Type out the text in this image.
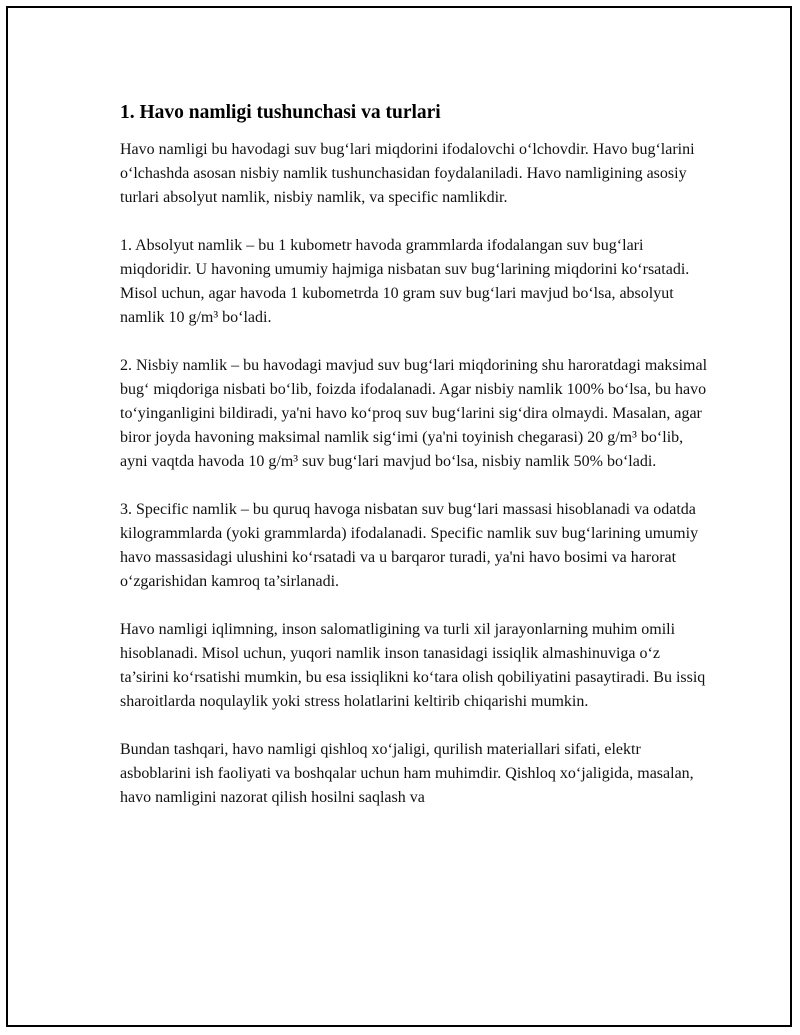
1. Havo namligi tushunchasi va turlari

Havo namligi bu havodagi suv bug‘lari miqdorini ifodalovchi o‘lchovdir. Havo bug‘larini o‘lchashda asosan nisbiy namlik tushunchasidan foydalaniladi. Havo namligining asosiy turlari absolyut namlik, nisbiy namlik, va specific namlikdir.

1. Absolyut namlik – bu 1 kubometr havoda grammlarda ifodalangan suv bug‘lari miqdoridir. U havoning umumiy hajmiga nisbatan suv bug‘larining miqdorini ko‘rsatadi. Misol uchun, agar havoda 1 kubometrda 10 gram suv bug‘lari mavjud bo‘lsa, absolyut namlik 10 g/m³ bo‘ladi.

2. Nisbiy namlik – bu havodagi mavjud suv bug‘lari miqdorining shu haroratdagi maksimal bug‘ miqdoriga nisbati bo‘lib, foizda ifodalanadi. Agar nisbiy namlik 100% bo‘lsa, bu havo to‘yinganligini bildiradi, ya'ni havo ko‘proq suv bug‘larini sig‘dira olmaydi. Masalan, agar biror joyda havoning maksimal namlik sig‘imi (ya'ni toyinish chegarasi) 20 g/m³ bo‘lib, ayni vaqtda havoda 10 g/m³ suv bug‘lari mavjud bo‘lsa, nisbiy namlik 50% bo‘ladi.

3. Specific namlik – bu quruq havoga nisbatan suv bug‘lari massasi hisoblanadi va odatda kilogrammlarda (yoki grammlarda) ifodalanadi. Specific namlik suv bug‘larining umumiy havo massasidagi ulushini ko‘rsatadi va u barqaror turadi, ya'ni havo bosimi va harorat o‘zgarishidan kamroq ta’sirlanadi.

Havo namligi iqlimning, inson salomatligining va turli xil jarayonlarning muhim omili hisoblanadi. Misol uchun, yuqori namlik inson tanasidagi issiqlik almashinuviga o‘z ta’sirini ko‘rsatishi mumkin, bu esa issiqlikni ko‘tara olish qobiliyatini pasaytiradi. Bu issiq sharoitlarda noqulaylik yoki stress holatlarini keltirib chiqarishi mumkin.

Bundan tashqari, havo namligi qishloq xo‘jaligi, qurilish materiallari sifati, elektr asboblarini ish faoliyati va boshqalar uchun ham muhimdir. Qishloq xo‘jaligida, masalan, havo namligini nazorat qilish hosilni saqlash va
